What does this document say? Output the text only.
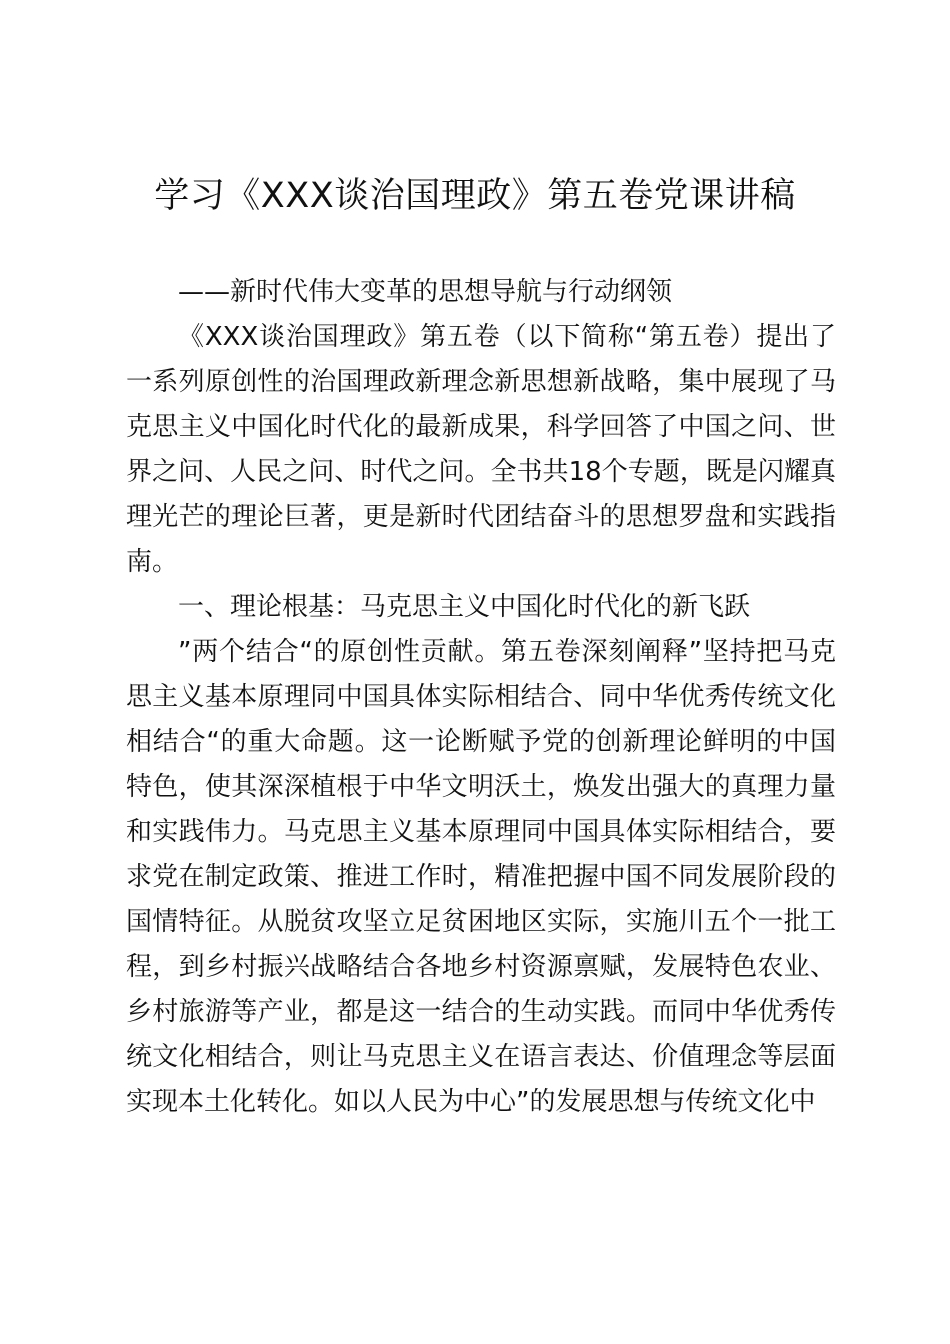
学习《XXX谈治国理政》第五卷党课讲稿

——新时代伟大变革的思想导航与行动纲领

《XXX谈治国理政》第五卷（以下简称“第五卷）提出了一系列原创性的治国理政新理念新思想新战略，集中展现了马克思主义中国化时代化的最新成果，科学回答了中国之问、世界之问、人民之问、时代之问。全书共18个专题，既是闪耀真理光芒的理论巨著，更是新时代团结奋斗的思想罗盘和实践指南。

一、理论根基：马克思主义中国化时代化的新飞跃

”两个结合“的原创性贡献。第五卷深刻阐释”坚持把马克思主义基本原理同中国具体实际相结合、同中华优秀传统文化相结合“的重大命题。这一论断赋予党的创新理论鲜明的中国特色，使其深深植根于中华文明沃土，焕发出强大的真理力量和实践伟力。马克思主义基本原理同中国具体实际相结合，要求党在制定政策、推进工作时，精准把握中国不同发展阶段的国情特征。从脱贫攻坚立足贫困地区实际，实施川五个一批工程，到乡村振兴战略结合各地乡村资源禀赋，发展特色农业、乡村旅游等产业，都是这一结合的生动实践。而同中华优秀传统文化相结合，则让马克思主义在语言表达、价值理念等层面实现本土化转化。如以人民为中心”的发展思想与传统文化中
